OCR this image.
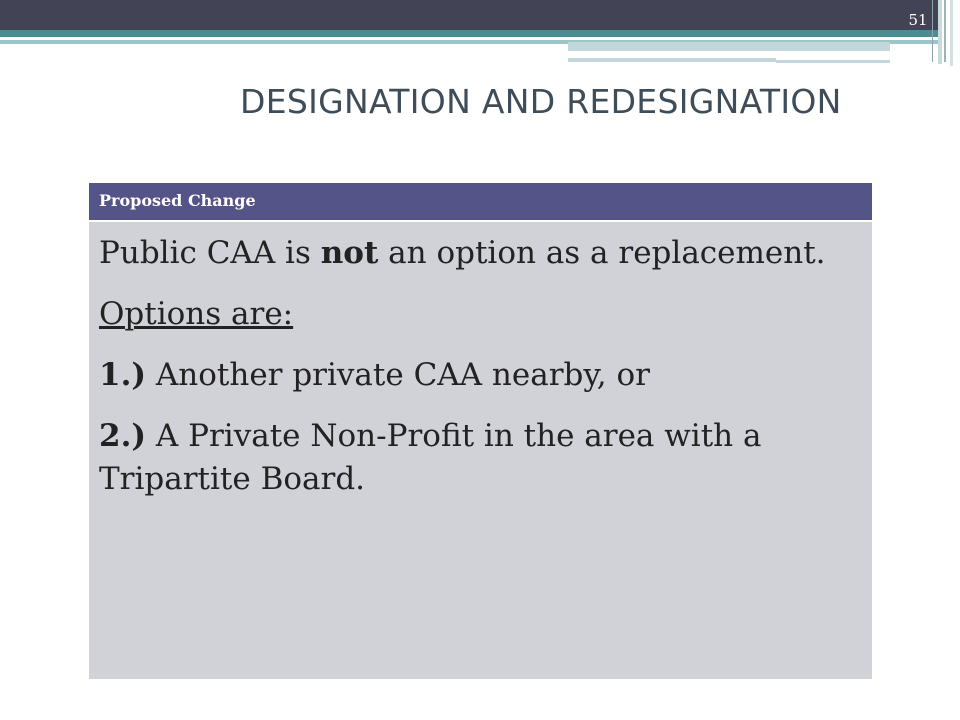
51
DESIGNATION AND REDESIGNATION
Proposed Change

Public CAA is not an option as a replacement.

Options are:

1.) Another private CAA nearby, or

2.) A Private Non-Profit in the area with a Tripartite Board.
